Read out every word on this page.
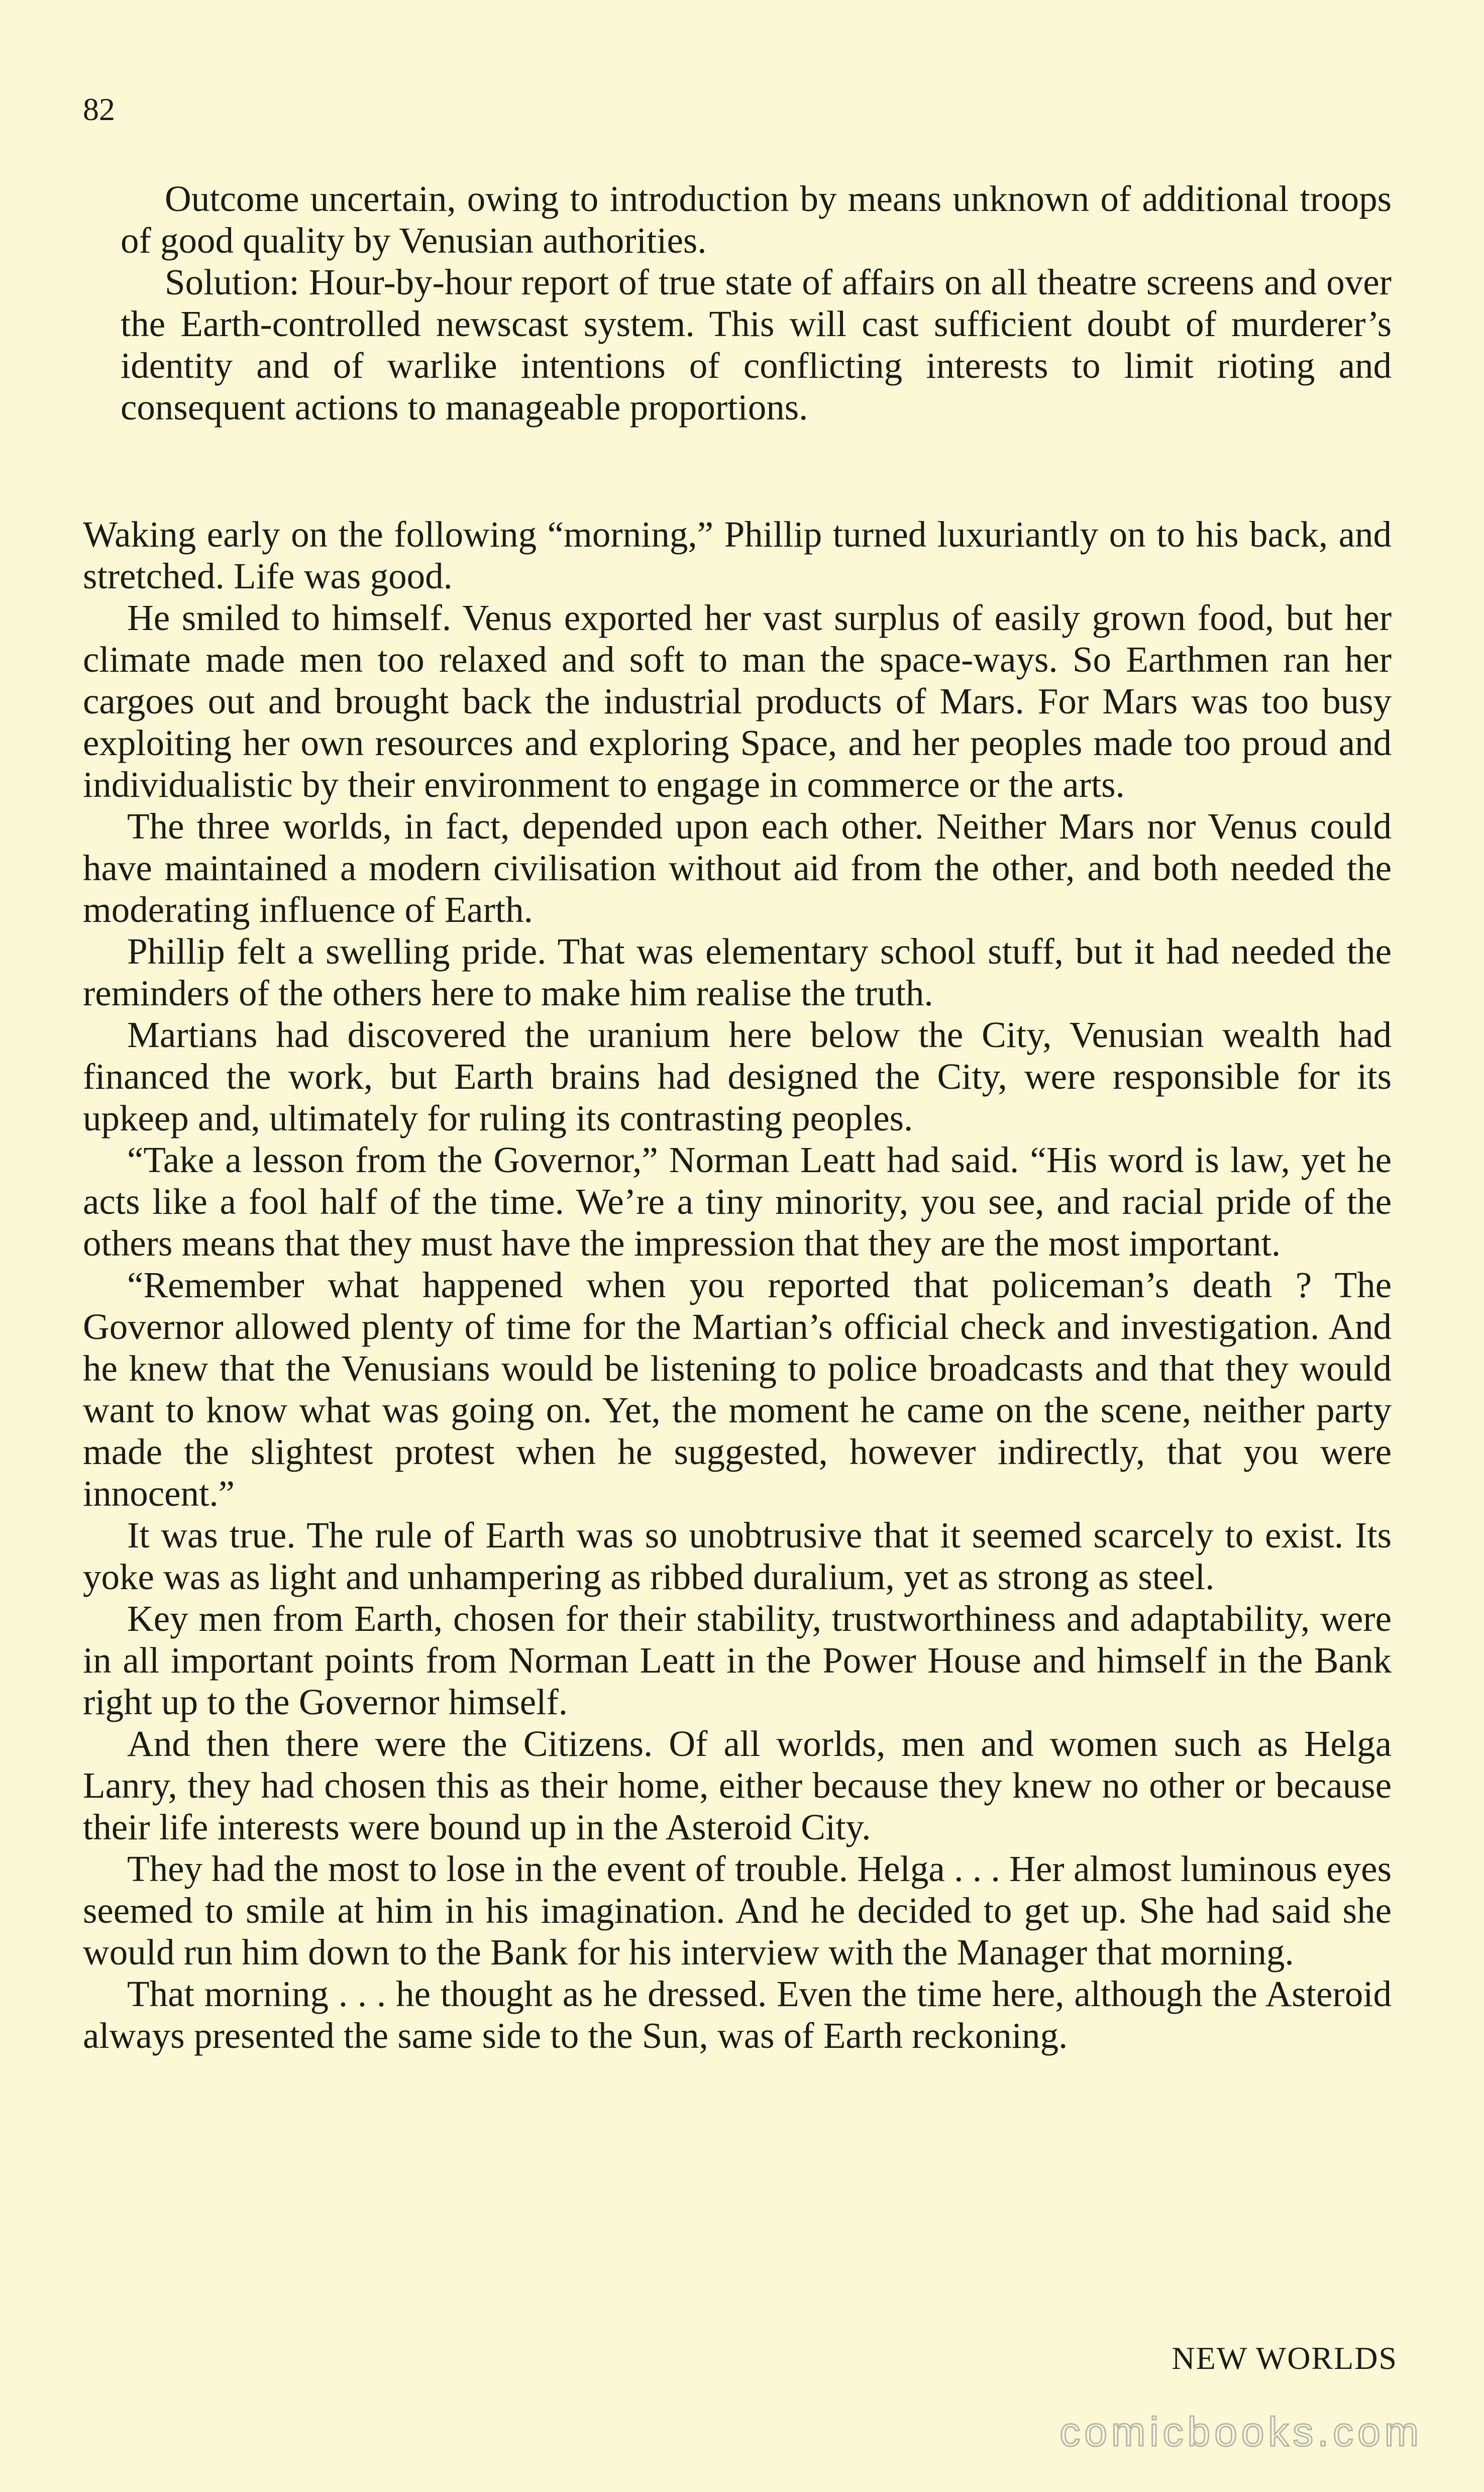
82

Outcome uncertain, owing to introduction by means unknown of additional troops of good quality by Venusian authorities.

Solution: Hour-by-hour report of true state of affairs on all theatre screens and over the Earth-controlled newscast system. This will cast sufficient doubt of murderer’s identity and of warlike intentions of conflicting interests to limit rioting and consequent actions to manageable proportions.

Waking early on the following “morning,” Phillip turned luxuriantly on to his back, and stretched. Life was good.

He smiled to himself. Venus exported her vast surplus of easily grown food, but her climate made men too relaxed and soft to man the space-ways. So Earthmen ran her cargoes out and brought back the industrial products of Mars. For Mars was too busy exploiting her own resources and exploring Space, and her peoples made too proud and individualistic by their environment to engage in commerce or the arts.

The three worlds, in fact, depended upon each other. Neither Mars nor Venus could have maintained a modern civilisation without aid from the other, and both needed the moderating influence of Earth.

Phillip felt a swelling pride. That was elementary school stuff, but it had needed the reminders of the others here to make him realise the truth.

Martians had discovered the uranium here below the City, Venusian wealth had financed the work, but Earth brains had designed the City, were responsible for its upkeep and, ultimately for ruling its contrasting peoples.

“Take a lesson from the Governor,” Norman Leatt had said. “His word is law, yet he acts like a fool half of the time. We’re a tiny minority, you see, and racial pride of the others means that they must have the impression that they are the most important.

“Remember what happened when you reported that policeman’s death ? The Governor allowed plenty of time for the Martian’s official check and investigation. And he knew that the Venusians would be listening to police broadcasts and that they would want to know what was going on. Yet, the moment he came on the scene, neither party made the slightest protest when he suggested, however indirectly, that you were innocent.”

It was true. The rule of Earth was so unobtrusive that it seemed scarcely to exist. Its yoke was as light and unhampering as ribbed duralium, yet as strong as steel.

Key men from Earth, chosen for their stability, trustworthiness and adaptability, were in all important points from Norman Leatt in the Power House and himself in the Bank right up to the Governor himself.

And then there were the Citizens. Of all worlds, men and women such as Helga Lanry, they had chosen this as their home, either because they knew no other or because their life interests were bound up in the Asteroid City.

They had the most to lose in the event of trouble. Helga . . . Her almost luminous eyes seemed to smile at him in his imagination. And he decided to get up. She had said she would run him down to the Bank for his interview with the Manager that morning.

That morning . . . he thought as he dressed. Even the time here, although the Asteroid always presented the same side to the Sun, was of Earth reckoning.

NEW WORLDS
comicbooks.com
